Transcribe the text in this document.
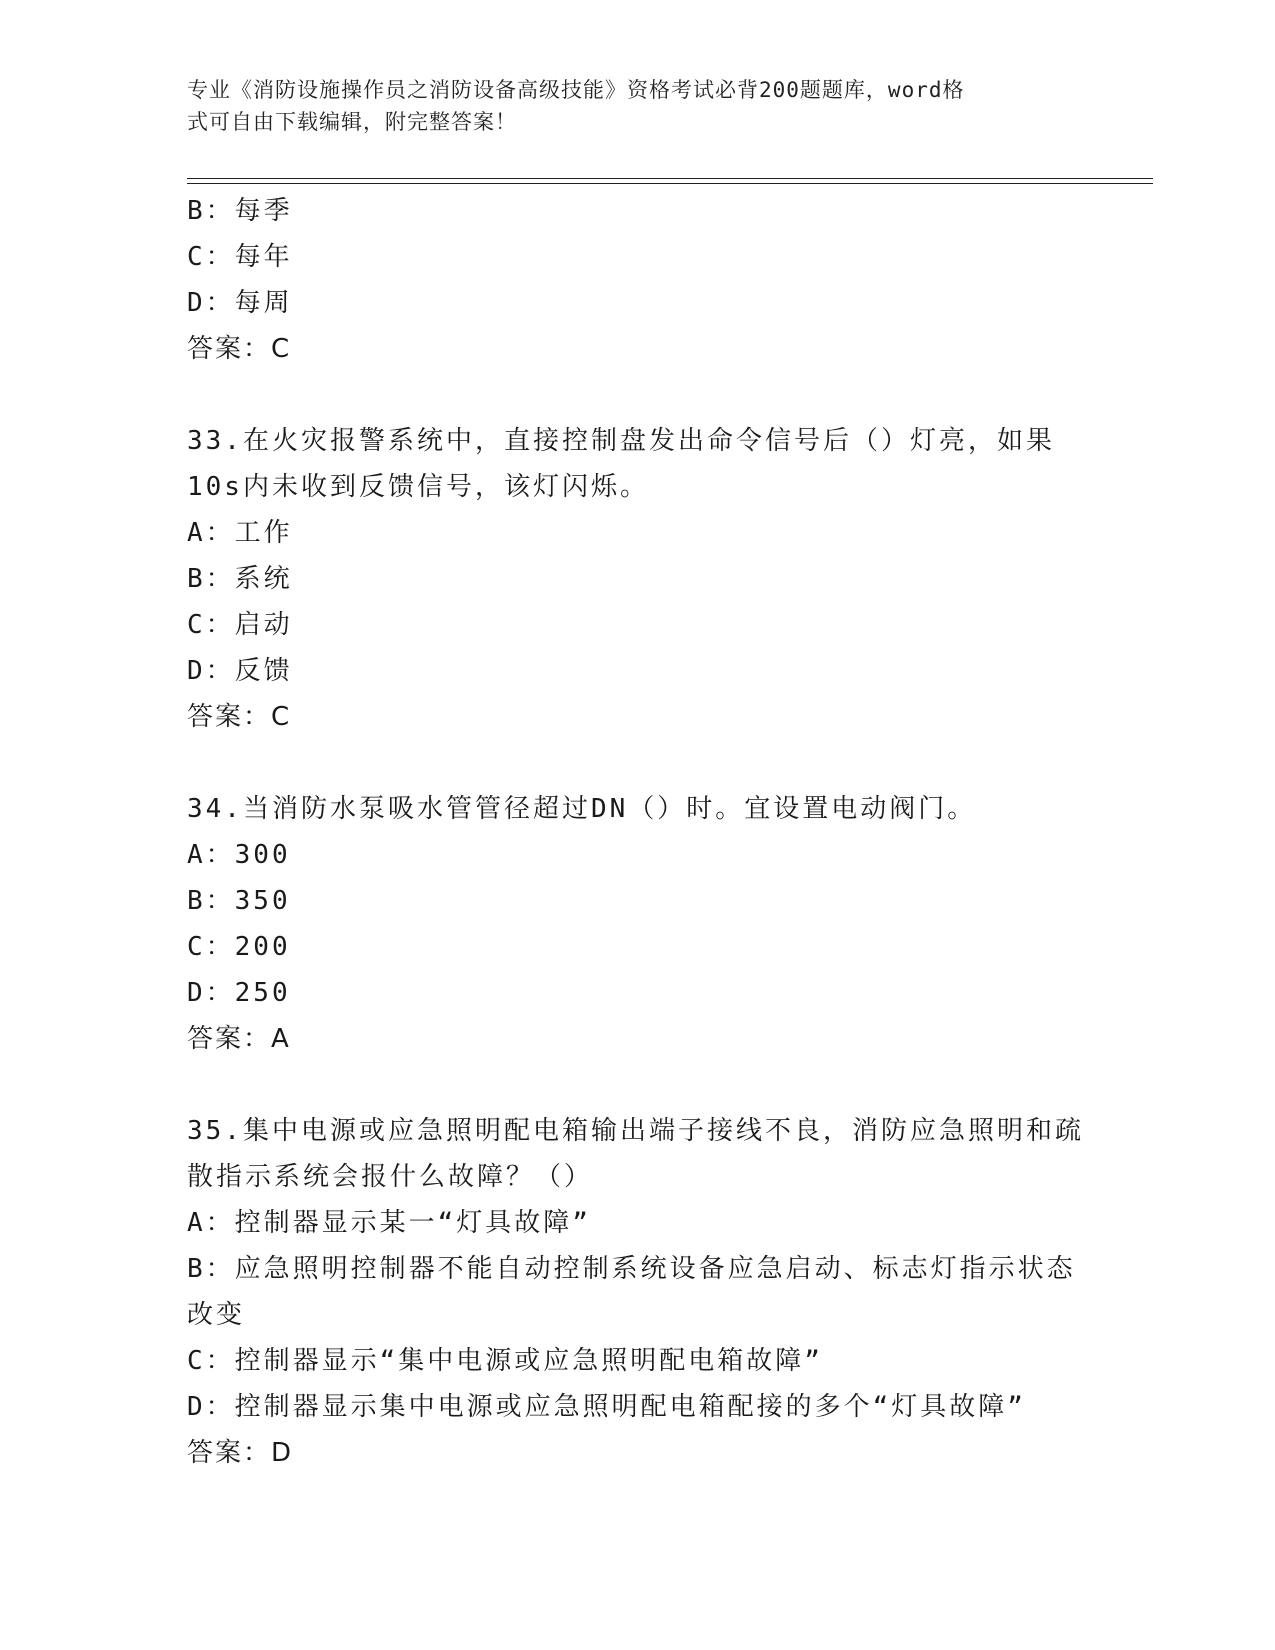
专业《消防设施操作员之消防设备高级技能》资格考试必背200题题库，word格
式可自由下载编辑，附完整答案！
B：每季
C：每年
D：每周
答案：C
33.在火灾报警系统中，直接控制盘发出命令信号后（）灯亮，如果
10s内未收到反馈信号，该灯闪烁。
A：工作
B：系统
C：启动
D：反馈
答案：C
34.当消防水泵吸水管管径超过DN（）时。宜设置电动阀门。
A：300
B：350
C：200
D：250
答案：A
35.集中电源或应急照明配电箱输出端子接线不良，消防应急照明和疏
散指示系统会报什么故障？（）
A：控制器显示某一“灯具故障”
B：应急照明控制器不能自动控制系统设备应急启动、标志灯指示状态
改变
C：控制器显示“集中电源或应急照明配电箱故障”
D：控制器显示集中电源或应急照明配电箱配接的多个“灯具故障”
答案：D
